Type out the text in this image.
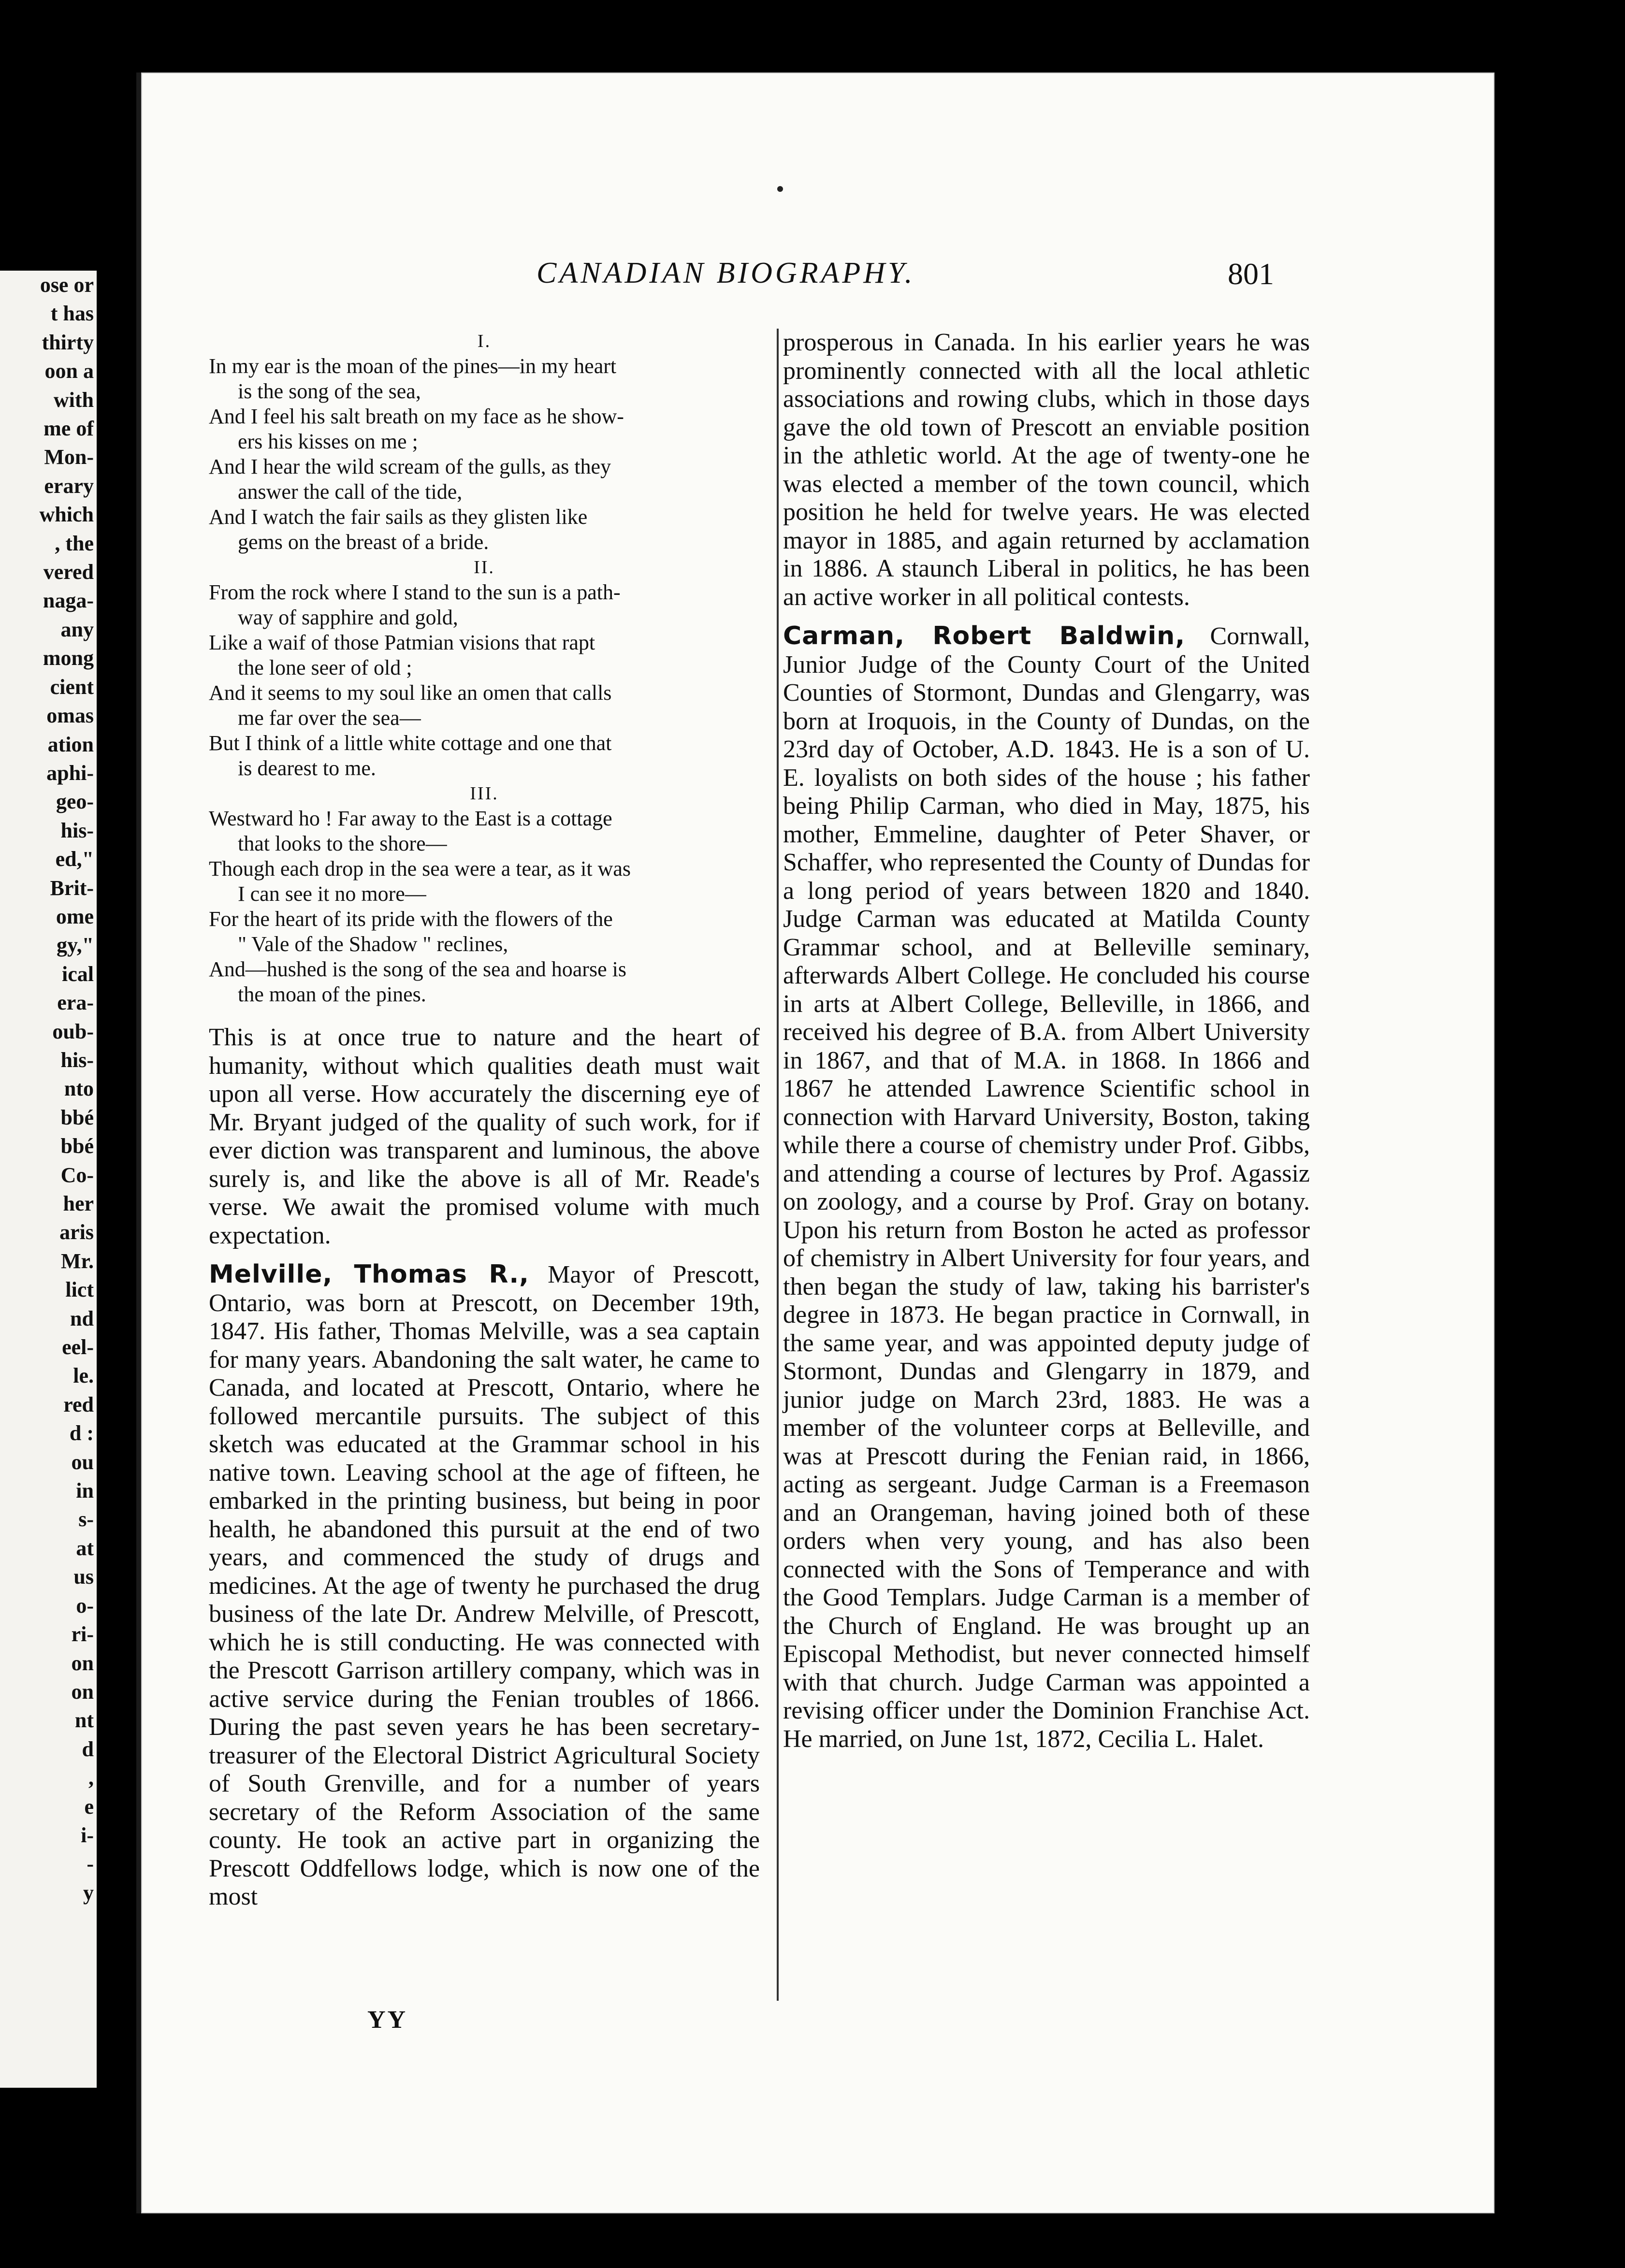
ose or
t has
thirty
oon a
with
me of
Mon-
erary
which
, the
vered
naga-
any
mong
cient
omas
ation
aphi-
geo-
his-
ed,"
Brit-
ome
gy,"
ical
era-
oub-
his-
nto
bbé
bbé
Co-
her
aris
Mr.
lict
nd
eel-
le.
red
d :
ou
in
s-
at
us
o-
ri-
on
on
nt
d
,
e
i-
-
y
CANADIAN BIOGRAPHY.	801

I.

In my ear is the moan of the pines—in my heart
is the song of the sea,

And I feel his salt breath on my face as he show-
ers his kisses on me ;

And I hear the wild scream of the gulls, as they
answer the call of the tide,

And I watch the fair sails as they glisten like
gems on the breast of a bride.

II.

From the rock where I stand to the sun is a path-
way of sapphire and gold,

Like a waif of those Patmian visions that rapt
the lone seer of old ;

And it seems to my soul like an omen that calls
me far over the sea—

But I think of a little white cottage and one that
is dearest to me.

III.

Westward ho ! Far away to the East is a cottage
that looks to the shore—

Though each drop in the sea were a tear, as it was
I can see it no more—

For the heart of its pride with the flowers of the
" Vale of the Shadow " reclines,

And—hushed is the song of the sea and hoarse is
the moan of the pines.

This is at once true to nature and the heart of humanity, without which qualities death must wait upon all verse. How accurately the discerning eye of Mr. Bryant judged of the quality of such work, for if ever diction was transparent and luminous, the above surely is, and like the above is all of Mr. Reade's verse. We await the promised volume with much expectation.

Melville, Thomas R., Mayor of Prescott, Ontario, was born at Prescott, on December 19th, 1847. His father, Thomas Melville, was a sea captain for many years. Abandoning the salt water, he came to Canada, and located at Prescott, Ontario, where he followed mercantile pursuits. The subject of this sketch was educated at the Grammar school in his native town. Leaving school at the age of fifteen, he embarked in the printing business, but being in poor health, he abandoned this pursuit at the end of two years, and commenced the study of drugs and medicines. At the age of twenty he purchased the drug business of the late Dr. Andrew Melville, of Prescott, which he is still conducting. He was connected with the Prescott Garrison artillery company, which was in active service during the Fenian troubles of 1866. During the past seven years he has been secretary-treasurer of the Electoral District Agricultural Society of South Grenville, and for a number of years secretary of the Reform Association of the same county. He took an active part in organizing the Prescott Oddfellows lodge, which is now one of the most

prosperous in Canada. In his earlier years he was prominently connected with all the local athletic associations and rowing clubs, which in those days gave the old town of Prescott an enviable position in the athletic world. At the age of twenty-one he was elected a member of the town council, which position he held for twelve years. He was elected mayor in 1885, and again returned by acclamation in 1886. A staunch Liberal in politics, he has been an active worker in all political contests.

Carman, Robert Baldwin, Cornwall, Junior Judge of the County Court of the United Counties of Stormont, Dundas and Glengarry, was born at Iroquois, in the County of Dundas, on the 23rd day of October, A.D. 1843. He is a son of U. E. loyalists on both sides of the house ; his father being Philip Carman, who died in May, 1875, his mother, Emmeline, daughter of Peter Shaver, or Schaffer, who represented the County of Dundas for a long period of years between 1820 and 1840. Judge Carman was educated at Matilda County Grammar school, and at Belleville seminary, afterwards Albert College. He concluded his course in arts at Albert College, Belleville, in 1866, and received his degree of B.A. from Albert University in 1867, and that of M.A. in 1868. In 1866 and 1867 he attended Lawrence Scientific school in connection with Harvard University, Boston, taking while there a course of chemistry under Prof. Gibbs, and attending a course of lectures by Prof. Agassiz on zoology, and a course by Prof. Gray on botany. Upon his return from Boston he acted as professor of chemistry in Albert University for four years, and then began the study of law, taking his barrister's degree in 1873. He began practice in Cornwall, in the same year, and was appointed deputy judge of Stormont, Dundas and Glengarry in 1879, and junior judge on March 23rd, 1883. He was a member of the volunteer corps at Belleville, and was at Prescott during the Fenian raid, in 1866, acting as sergeant. Judge Carman is a Freemason and an Orangeman, having joined both of these orders when very young, and has also been connected with the Sons of Temperance and with the Good Templars. Judge Carman is a member of the Church of England. He was brought up an Episcopal Methodist, but never connected himself with that church. Judge Carman was appointed a revising officer under the Dominion Franchise Act. He married, on June 1st, 1872, Cecilia L. Halet.

YY
